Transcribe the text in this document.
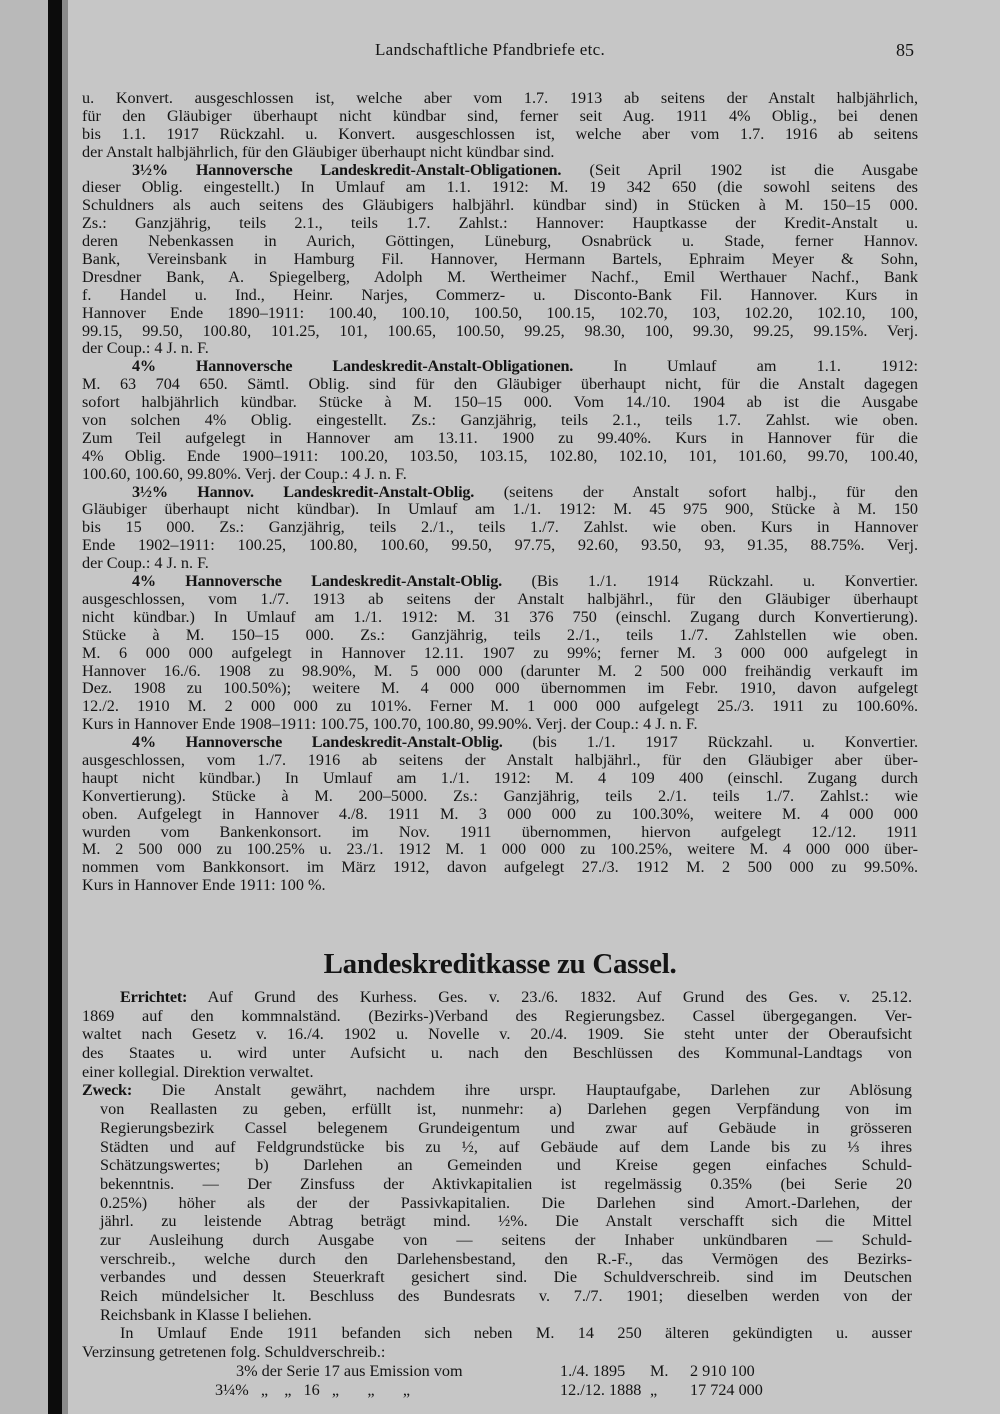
Landschaftliche Pfandbriefe etc.	85
u. Konvert. ausgeschlossen ist, welche aber vom 1.7. 1913 ab seitens der Anstalt halbjährlich,
für den Gläubiger überhaupt nicht kündbar sind, ferner seit Aug. 1911 4% Oblig., bei denen
bis 1.1. 1917 Rückzahl. u. Konvert. ausgeschlossen ist, welche aber vom 1.7. 1916 ab seitens
der Anstalt halbjährlich, für den Gläubiger überhaupt nicht kündbar sind.
3½% Hannoversche Landeskredit-Anstalt-Obligationen. (Seit April 1902 ist die Ausgabe
dieser Oblig. eingestellt.) In Umlauf am 1.1. 1912: M. 19 342 650 (die sowohl seitens des
Schuldners als auch seitens des Gläubigers halbjährl. kündbar sind) in Stücken à M. 150–15 000.
Zs.: Ganzjährig, teils 2.1., teils 1.7. Zahlst.: Hannover: Hauptkasse der Kredit-Anstalt u.
deren Nebenkassen in Aurich, Göttingen, Lüneburg, Osnabrück u. Stade, ferner Hannov.
Bank, Vereinsbank in Hamburg Fil. Hannover, Hermann Bartels, Ephraim Meyer & Sohn,
Dresdner Bank, A. Spiegelberg, Adolph M. Wertheimer Nachf., Emil Werthauer Nachf., Bank
f. Handel u. Ind., Heinr. Narjes, Commerz- u. Disconto-Bank Fil. Hannover. Kurs in
Hannover Ende 1890–1911: 100.40, 100.10, 100.50, 100.15, 102.70, 103, 102.20, 102.10, 100,
99.15, 99.50, 100.80, 101.25, 101, 100.65, 100.50, 99.25, 98.30, 100, 99.30, 99.25, 99.15%. Verj.
der Coup.: 4 J. n. F.
4% Hannoversche Landeskredit-Anstalt-Obligationen. In Umlauf am 1.1. 1912:
M. 63 704 650. Sämtl. Oblig. sind für den Gläubiger überhaupt nicht, für die Anstalt dagegen
sofort halbjährlich kündbar. Stücke à M. 150–15 000. Vom 14./10. 1904 ab ist die Ausgabe
von solchen 4% Oblig. eingestellt. Zs.: Ganzjährig, teils 2.1., teils 1.7. Zahlst. wie oben.
Zum Teil aufgelegt in Hannover am 13.11. 1900 zu 99.40%. Kurs in Hannover für die
4% Oblig. Ende 1900–1911: 100.20, 103.50, 103.15, 102.80, 102.10, 101, 101.60, 99.70, 100.40,
100.60, 100.60, 99.80%. Verj. der Coup.: 4 J. n. F.
3½% Hannov. Landeskredit-Anstalt-Oblig. (seitens der Anstalt sofort halbj., für den
Gläubiger überhaupt nicht kündbar). In Umlauf am 1./1. 1912: M. 45 975 900, Stücke à M. 150
bis 15 000. Zs.: Ganzjährig, teils 2./1., teils 1./7. Zahlst. wie oben. Kurs in Hannover
Ende 1902–1911: 100.25, 100.80, 100.60, 99.50, 97.75, 92.60, 93.50, 93, 91.35, 88.75%. Verj.
der Coup.: 4 J. n. F.
4% Hannoversche Landeskredit-Anstalt-Oblig. (Bis 1./1. 1914 Rückzahl. u. Konvertier.
ausgeschlossen, vom 1./7. 1913 ab seitens der Anstalt halbjährl., für den Gläubiger überhaupt
nicht kündbar.) In Umlauf am 1./1. 1912: M. 31 376 750 (einschl. Zugang durch Konvertierung).
Stücke à M. 150–15 000. Zs.: Ganzjährig, teils 2./1., teils 1./7. Zahlstellen wie oben.
M. 6 000 000 aufgelegt in Hannover 12.11. 1907 zu 99%; ferner M. 3 000 000 aufgelegt in
Hannover 16./6. 1908 zu 98.90%, M. 5 000 000 (darunter M. 2 500 000 freihändig verkauft im
Dez. 1908 zu 100.50%); weitere M. 4 000 000 übernommen im Febr. 1910, davon aufgelegt
12./2. 1910 M. 2 000 000 zu 101%. Ferner M. 1 000 000 aufgelegt 25./3. 1911 zu 100.60%.
Kurs in Hannover Ende 1908–1911: 100.75, 100.70, 100.80, 99.90%. Verj. der Coup.: 4 J. n. F.
4% Hannoversche Landeskredit-Anstalt-Oblig. (bis 1./1. 1917 Rückzahl. u. Konvertier.
ausgeschlossen, vom 1./7. 1916 ab seitens der Anstalt halbjährl., für den Gläubiger aber über-
haupt nicht kündbar.) In Umlauf am 1./1. 1912: M. 4 109 400 (einschl. Zugang durch
Konvertierung). Stücke à M. 200–5000. Zs.: Ganzjährig, teils 2./1. teils 1./7. Zahlst.: wie
oben. Aufgelegt in Hannover 4./8. 1911 M. 3 000 000 zu 100.30%, weitere M. 4 000 000
wurden vom Bankenkonsort. im Nov. 1911 übernommen, hiervon aufgelegt 12./12. 1911
M. 2 500 000 zu 100.25% u. 23./1. 1912 M. 1 000 000 zu 100.25%, weitere M. 4 000 000 über-
nommen vom Bankkonsort. im März 1912, davon aufgelegt 27./3. 1912 M. 2 500 000 zu 99.50%.
Kurs in Hannover Ende 1911: 100 %.
Landeskreditkasse zu Cassel.
Errichtet: Auf Grund des Kurhess. Ges. v. 23./6. 1832. Auf Grund des Ges. v. 25.12.
1869 auf den kommnalständ. (Bezirks-)Verband des Regierungsbez. Cassel übergegangen. Ver-
waltet nach Gesetz v. 16./4. 1902 u. Novelle v. 20./4. 1909. Sie steht unter der Oberaufsicht
des Staates u. wird unter Aufsicht u. nach den Beschlüssen des Kommunal-Landtags von
einer kollegial. Direktion verwaltet.
Zweck: Die Anstalt gewährt, nachdem ihre urspr. Hauptaufgabe, Darlehen zur Ablösung
von Reallasten zu geben, erfüllt ist, nunmehr: a) Darlehen gegen Verpfändung von im
Regierungsbezirk Cassel belegenem Grundeigentum und zwar auf Gebäude in grösseren
Städten und auf Feldgrundstücke bis zu ½, auf Gebäude auf dem Lande bis zu ⅓ ihres
Schätzungswertes; b) Darlehen an Gemeinden und Kreise gegen einfaches Schuld-
bekenntnis. — Der Zinsfuss der Aktivkapitalien ist regelmässig 0.35% (bei Serie 20
0.25%) höher als der der Passivkapitalien. Die Darlehen sind Amort.-Darlehen, der
jährl. zu leistende Abtrag beträgt mind. ½%. Die Anstalt verschafft sich die Mittel
zur Ausleihung durch Ausgabe von — seitens der Inhaber unkündbaren — Schuld-
verschreib., welche durch den Darlehensbestand, den R.-F., das Vermögen des Bezirks-
verbandes und dessen Steuerkraft gesichert sind. Die Schuldverschreib. sind im Deutschen
Reich mündelsicher lt. Beschluss des Bundesrats v. 7./7. 1901; dieselben werden von der
Reichsbank in Klasse I beliehen.
In Umlauf Ende 1911 befanden sich neben M. 14 250 älteren gekündigten u. ausser
Verzinsung getretenen folg. Schuldverschreib.:
3% der Serie 17 aus Emission vom	1./4. 1895 M. 2 910 100
3¼%   „    „   16   „       „       „	12./12. 1888 „ 17 724 000
